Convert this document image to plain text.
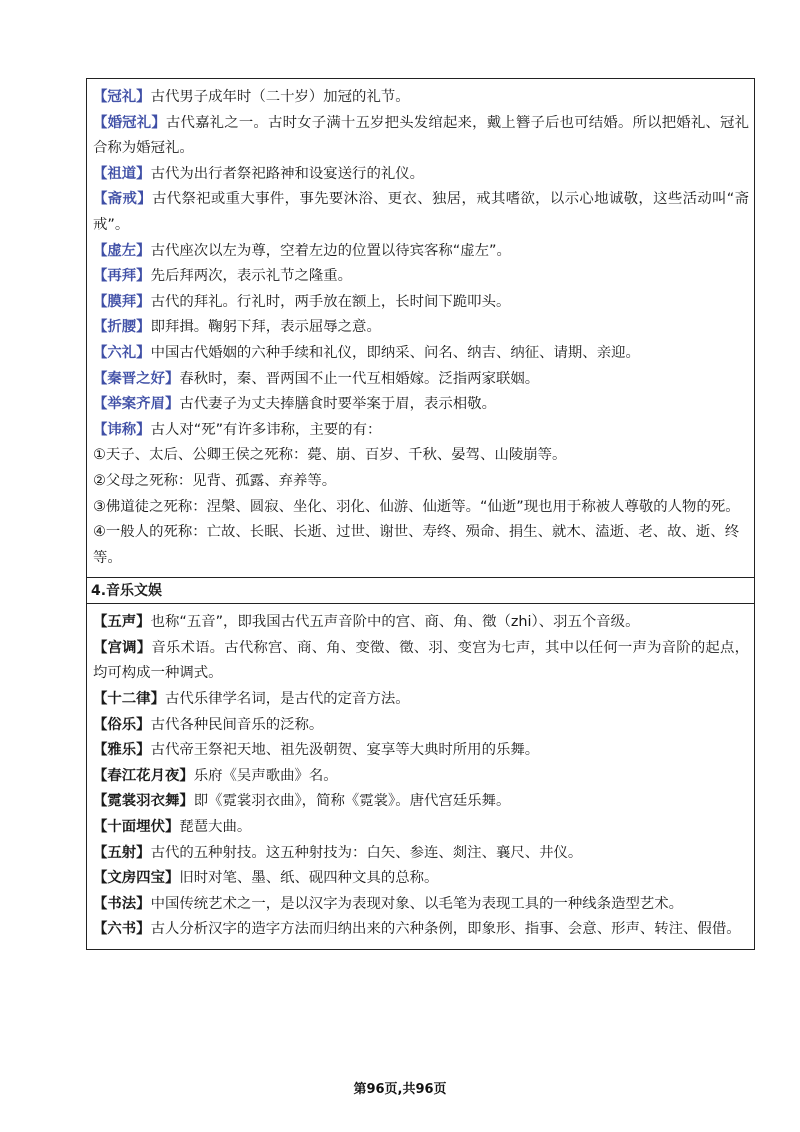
【冠礼】古代男子成年时（二十岁）加冠的礼节。
【婚冠礼】古代嘉礼之一。古时女子满十五岁把头发绾起来，戴上簪子后也可结婚。所以把婚礼、冠礼合称为婚冠礼。
【祖道】古代为出行者祭祀路神和设宴送行的礼仪。
【斋戒】古代祭祀或重大事件，事先要沐浴、更衣、独居，戒其嗜欲，以示心地诚敬，这些活动叫“斋戒”。
【虚左】古代座次以左为尊，空着左边的位置以待宾客称“虚左”。
【再拜】先后拜两次，表示礼节之隆重。
【膜拜】古代的拜礼。行礼时，两手放在额上，长时间下跪叩头。
【折腰】即拜揖。鞠躬下拜，表示屈辱之意。
【六礼】中国古代婚姻的六种手续和礼仪，即纳采、问名、纳吉、纳征、请期、亲迎。
【秦晋之好】春秋时，秦、晋两国不止一代互相婚嫁。泛指两家联姻。
【举案齐眉】古代妻子为丈夫捧膳食时要举案于眉，表示相敬。
【讳称】古人对“死”有许多讳称，主要的有：
①天子、太后、公卿王侯之死称：薨、崩、百岁、千秋、晏驾、山陵崩等。
②父母之死称：见背、孤露、弃养等。
③佛道徒之死称：涅槃、圆寂、坐化、羽化、仙游、仙逝等。“仙逝”现也用于称被人尊敬的人物的死。
④一般人的死称：亡故、长眠、长逝、过世、谢世、寿终、殒命、捐生、就木、溘逝、老、故、逝、终等。
4.音乐文娱
【五声】也称“五音”，即我国古代五声音阶中的宫、商、角、徵（zhi）、羽五个音级。
【宫调】音乐术语。古代称宫、商、角、变徵、徵、羽、变宫为七声，其中以任何一声为音阶的起点，均可构成一种调式。
【十二律】古代乐律学名词，是古代的定音方法。
【俗乐】古代各种民间音乐的泛称。
【雅乐】古代帝王祭祀天地、祖先汲朝贺、宴享等大典时所用的乐舞。
【春江花月夜】乐府《吴声歌曲》名。
【霓裳羽衣舞】即《霓裳羽衣曲》，简称《霓裳》。唐代宫廷乐舞。
【十面埋伏】琵琶大曲。
【五射】古代的五种射技。这五种射技为：白矢、参连、剡注、襄尺、井仪。
【文房四宝】旧时对笔、墨、纸、砚四种文具的总称。
【书法】中国传统艺术之一，是以汉字为表现对象、以毛笔为表现工具的一种线条造型艺术。
【六书】古人分析汉字的造字方法而归纳出来的六种条例，即象形、指事、会意、形声、转注、假借。
第96页,共96页
